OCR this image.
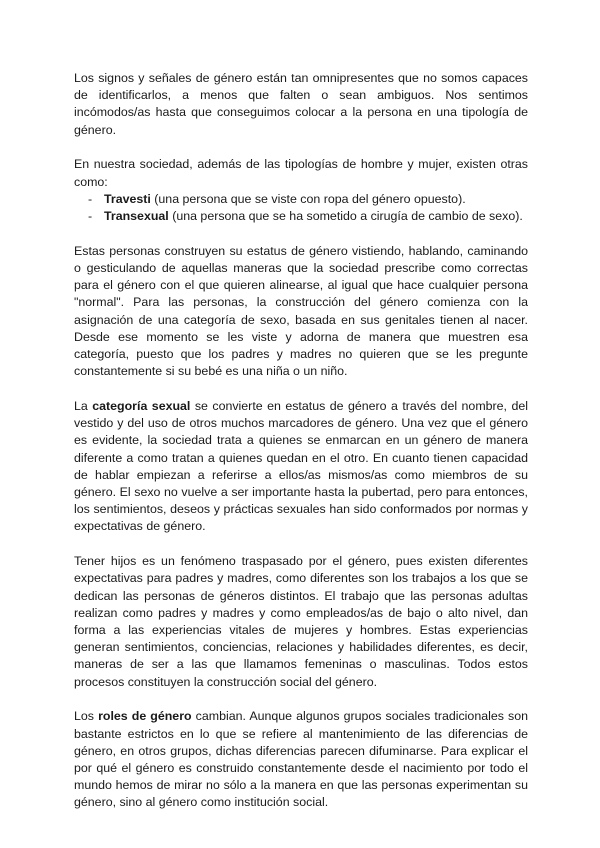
Los signos y señales de género están tan omnipresentes que no somos capaces de identificarlos, a menos que falten o sean ambiguos. Nos sentimos incómodos/as hasta que conseguimos colocar a la persona en una tipología de género.

En nuestra sociedad, además de las tipologías de hombre y mujer, existen otras como:

- Travesti (una persona que se viste con ropa del género opuesto).
- Transexual (una persona que se ha sometido a cirugía de cambio de sexo).

Estas personas construyen su estatus de género vistiendo, hablando, caminando o gesticulando de aquellas maneras que la sociedad prescribe como correctas para el género con el que quieren alinearse, al igual que hace cualquier persona "normal". Para las personas, la construcción del género comienza con la asignación de una categoría de sexo, basada en sus genitales tienen al nacer. Desde ese momento se les viste y adorna de manera que muestren esa categoría, puesto que los padres y madres no quieren que se les pregunte constantemente si su bebé es una niña o un niño.

La categoría sexual se convierte en estatus de género a través del nombre, del vestido y del uso de otros muchos marcadores de género. Una vez que el género es evidente, la sociedad trata a quienes se enmarcan en un género de manera diferente a como tratan a quienes quedan en el otro. En cuanto tienen capacidad de hablar empiezan a referirse a ellos/as mismos/as como miembros de su género. El sexo no vuelve a ser importante hasta la pubertad, pero para entonces, los sentimientos, deseos y prácticas sexuales han sido conformados por normas y expectativas de género.

Tener hijos es un fenómeno traspasado por el género, pues existen diferentes expectativas para padres y madres, como diferentes son los trabajos a los que se dedican las personas de géneros distintos. El trabajo que las personas adultas realizan como padres y madres y como empleados/as de bajo o alto nivel, dan forma a las experiencias vitales de mujeres y hombres. Estas experiencias generan sentimientos, conciencias, relaciones y habilidades diferentes, es decir, maneras de ser a las que llamamos femeninas o masculinas. Todos estos procesos constituyen la construcción social del género.

Los roles de género cambian. Aunque algunos grupos sociales tradicionales son bastante estrictos en lo que se refiere al mantenimiento de las diferencias de género, en otros grupos, dichas diferencias parecen difuminarse. Para explicar el por qué el género es construido constantemente desde el nacimiento por todo el mundo hemos de mirar no sólo a la manera en que las personas experimentan su género, sino al género como institución social.
